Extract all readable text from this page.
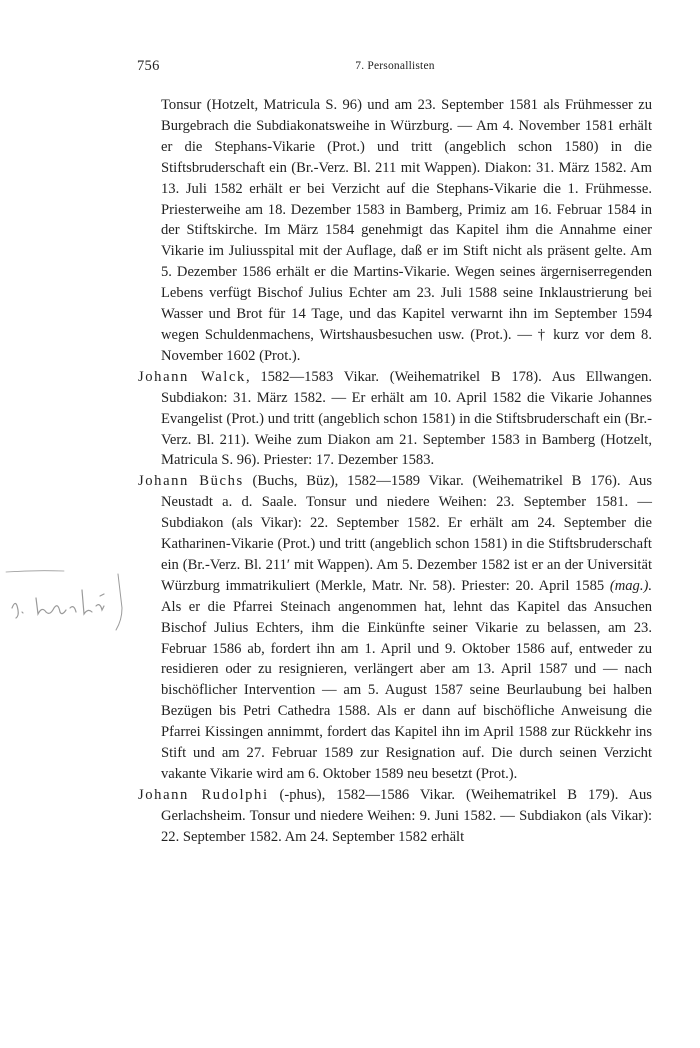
756	7. Personallisten

Tonsur (Hotzelt, Matricula S. 96) und am 23. September 1581 als Frühmesser zu Burgebrach die Subdiakonatsweihe in Würzburg. — Am 4. November 1581 erhält er die Stephans-Vikarie (Prot.) und tritt (angeblich schon 1580) in die Stiftsbruderschaft ein (Br.-Verz. Bl. 211 mit Wappen). Diakon: 31. März 1582. Am 13. Juli 1582 erhält er bei Verzicht auf die Stephans-Vikarie die 1. Frühmesse. Priesterweihe am 18. Dezember 1583 in Bamberg, Primiz am 16. Februar 1584 in der Stiftskirche. Im März 1584 genehmigt das Kapitel ihm die Annahme einer Vikarie im Juliusspital mit der Auflage, daß er im Stift nicht als präsent gelte. Am 5. Dezember 1586 erhält er die Martins-Vikarie. Wegen seines ärgerniserregenden Lebens verfügt Bischof Julius Echter am 23. Juli 1588 seine Inklaustrierung bei Wasser und Brot für 14 Tage, und das Kapitel verwarnt ihn im September 1594 wegen Schuldenmachens, Wirtshausbesuchen usw. (Prot.). — † kurz vor dem 8. November 1602 (Prot.).

Johann Walck, 1582—1583 Vikar. (Weihematrikel B 178). Aus Ellwangen. Subdiakon: 31. März 1582. — Er erhält am 10. April 1582 die Vikarie Johannes Evangelist (Prot.) und tritt (angeblich schon 1581) in die Stiftsbruderschaft ein (Br.-Verz. Bl. 211). Weihe zum Diakon am 21. September 1583 in Bamberg (Hotzelt, Matricula S. 96). Priester: 17. Dezember 1583.

Johann Büchs (Buchs, Büz), 1582—1589 Vikar. (Weihematrikel B 176). Aus Neustadt a. d. Saale. Tonsur und niedere Weihen: 23. September 1581. — Subdiakon (als Vikar): 22. September 1582. Er erhält am 24. September die Katharinen-Vikarie (Prot.) und tritt (angeblich schon 1581) in die Stiftsbruderschaft ein (Br.-Verz. Bl. 211′ mit Wappen). Am 5. Dezember 1582 ist er an der Universität Würzburg immatrikuliert (Merkle, Matr. Nr. 58). Priester: 20. April 1585 (mag.). Als er die Pfarrei Steinach angenommen hat, lehnt das Kapitel das Ansuchen Bischof Julius Echters, ihm die Einkünfte seiner Vikarie zu belassen, am 23. Februar 1586 ab, fordert ihn am 1. April und 9. Oktober 1586 auf, entweder zu residieren oder zu resignieren, verlängert aber am 13. April 1587 und — nach bischöflicher Intervention — am 5. August 1587 seine Beurlaubung bei halben Bezügen bis Petri Cathedra 1588. Als er dann auf bischöfliche Anweisung die Pfarrei Kissingen annimmt, fordert das Kapitel ihn im April 1588 zur Rückkehr ins Stift und am 27. Februar 1589 zur Resignation auf. Die durch seinen Verzicht vakante Vikarie wird am 6. Oktober 1589 neu besetzt (Prot.).

Johann Rudolphi (-phus), 1582—1586 Vikar. (Weihematrikel B 179). Aus Gerlachsheim. Tonsur und niedere Weihen: 9. Juni 1582. — Subdiakon (als Vikar): 22. September 1582. Am 24. September 1582 erhält
